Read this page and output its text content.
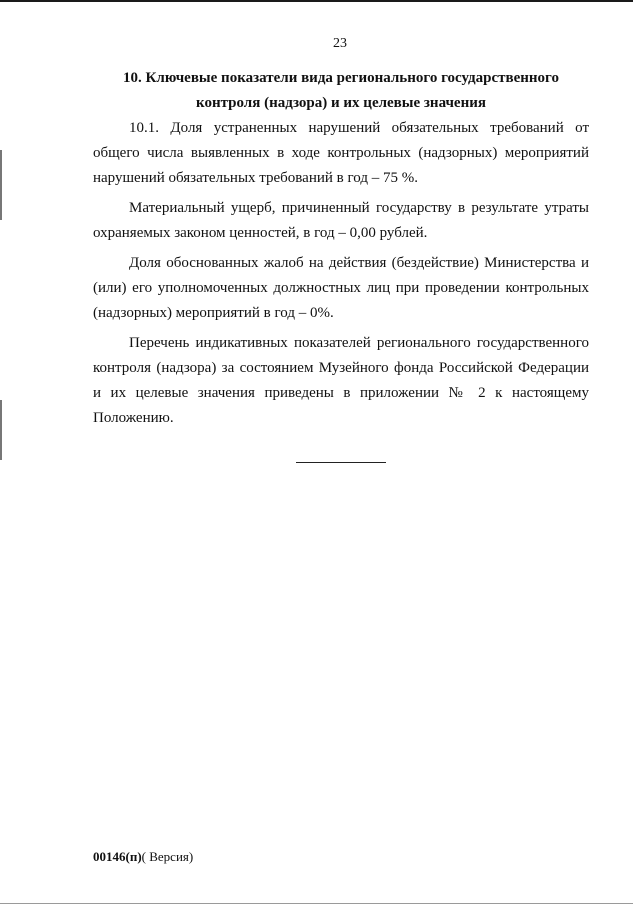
23
10. Ключевые показатели вида регионального государственного
контроля (надзора) и их целевые значения

10.1. Доля устраненных нарушений обязательных требований от общего числа выявленных в ходе контрольных (надзорных) мероприятий нарушений обязательных требований в год – 75 %.

Материальный ущерб, причиненный государству в результате утраты охраняемых законом ценностей, в год – 0,00 рублей.

Доля обоснованных жалоб на действия (бездействие) Министерства и (или) его уполномоченных должностных лиц при проведении контрольных (надзорных) мероприятий в год – 0%.

Перечень индикативных показателей регионального государственного контроля (надзора) за состоянием Музейного фонда Российской Федерации и их целевые значения приведены в приложении № 2 к настоящему Положению.

00146(п)( Версия)
